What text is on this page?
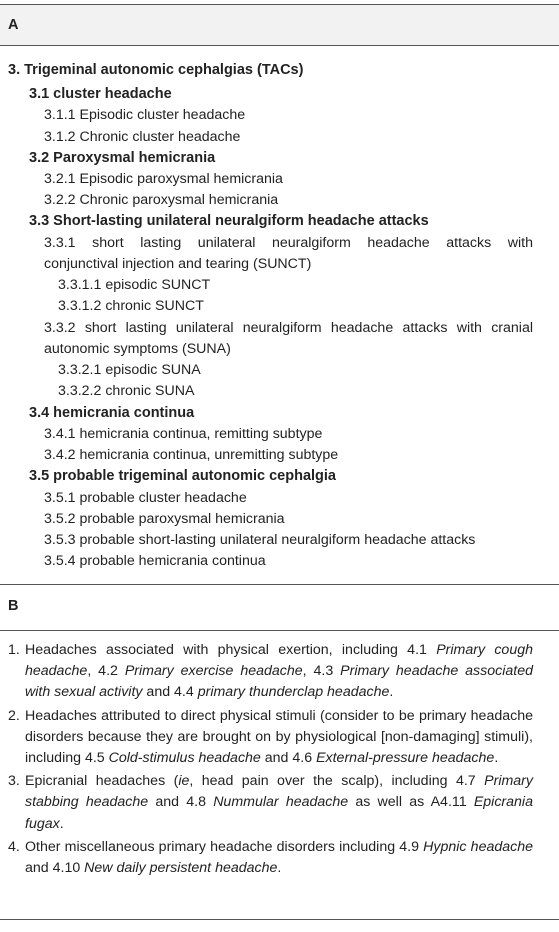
A
3. Trigeminal autonomic cephalgias (TACs)
3.1 cluster headache
3.1.1 Episodic cluster headache
3.1.2 Chronic cluster headache
3.2 Paroxysmal hemicrania
3.2.1 Episodic paroxysmal hemicrania
3.2.2 Chronic paroxysmal hemicrania
3.3 Short-lasting unilateral neuralgiform headache attacks
3.3.1 short lasting unilateral neuralgiform headache attacks with
conjunctival injection and tearing (SUNCT)
3.3.1.1 episodic SUNCT
3.3.1.2 chronic SUNCT
3.3.2 short lasting unilateral neuralgiform headache attacks with cranial
autonomic symptoms (SUNA)
3.3.2.1 episodic SUNA
3.3.2.2 chronic SUNA
3.4 hemicrania continua
3.4.1 hemicrania continua, remitting subtype
3.4.2 hemicrania continua, unremitting subtype
3.5 probable trigeminal autonomic cephalgia
3.5.1 probable cluster headache
3.5.2 probable paroxysmal hemicrania
3.5.3 probable short-lasting unilateral neuralgiform headache attacks
3.5.4 probable hemicrania continua
B
1. Headaches associated with physical exertion, including 4.1 Primary cough headache, 4.2 Primary exercise headache, 4.3 Primary headache associated with sexual activity and 4.4 primary thunderclap headache.
2. Headaches attributed to direct physical stimuli (consider to be primary headache disorders because they are brought on by physiological [non-damaging] stimuli), including 4.5 Cold-stimulus headache and 4.6 External-pressure headache.
3. Epicranial headaches (ie, head pain over the scalp), including 4.7 Primary stabbing headache and 4.8 Nummular headache as well as A4.11 Epicrania fugax.
4. Other miscellaneous primary headache disorders including 4.9 Hypnic headache and 4.10 New daily persistent headache.
